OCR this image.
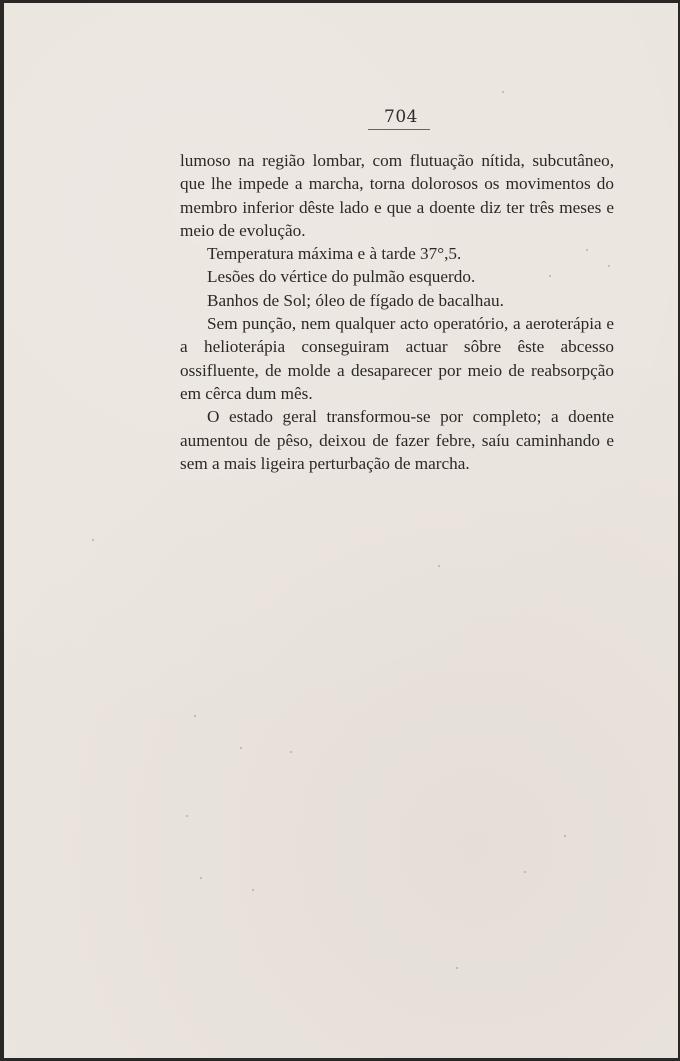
704

lumoso na região lombar, com flutuação nítida, subcutâneo, que lhe impede a marcha, torna dolorosos os movimentos do membro inferior dêste lado e que a doente diz ter três meses e meio de evolução.

Temperatura máxima e à tarde 37°,5.

Lesões do vértice do pulmão esquerdo.

Banhos de Sol; óleo de fígado de bacalhau.

Sem punção, nem qualquer acto operatório, a aeroterápia e a helioterápia conseguiram actuar sôbre êste abcesso ossifluente, de molde a desaparecer por meio de reabsorpção em cêrca dum mês.

O estado geral transformou-se por completo; a doente aumentou de pêso, deixou de fazer febre, saíu caminhando e sem a mais ligeira perturbação de marcha.
